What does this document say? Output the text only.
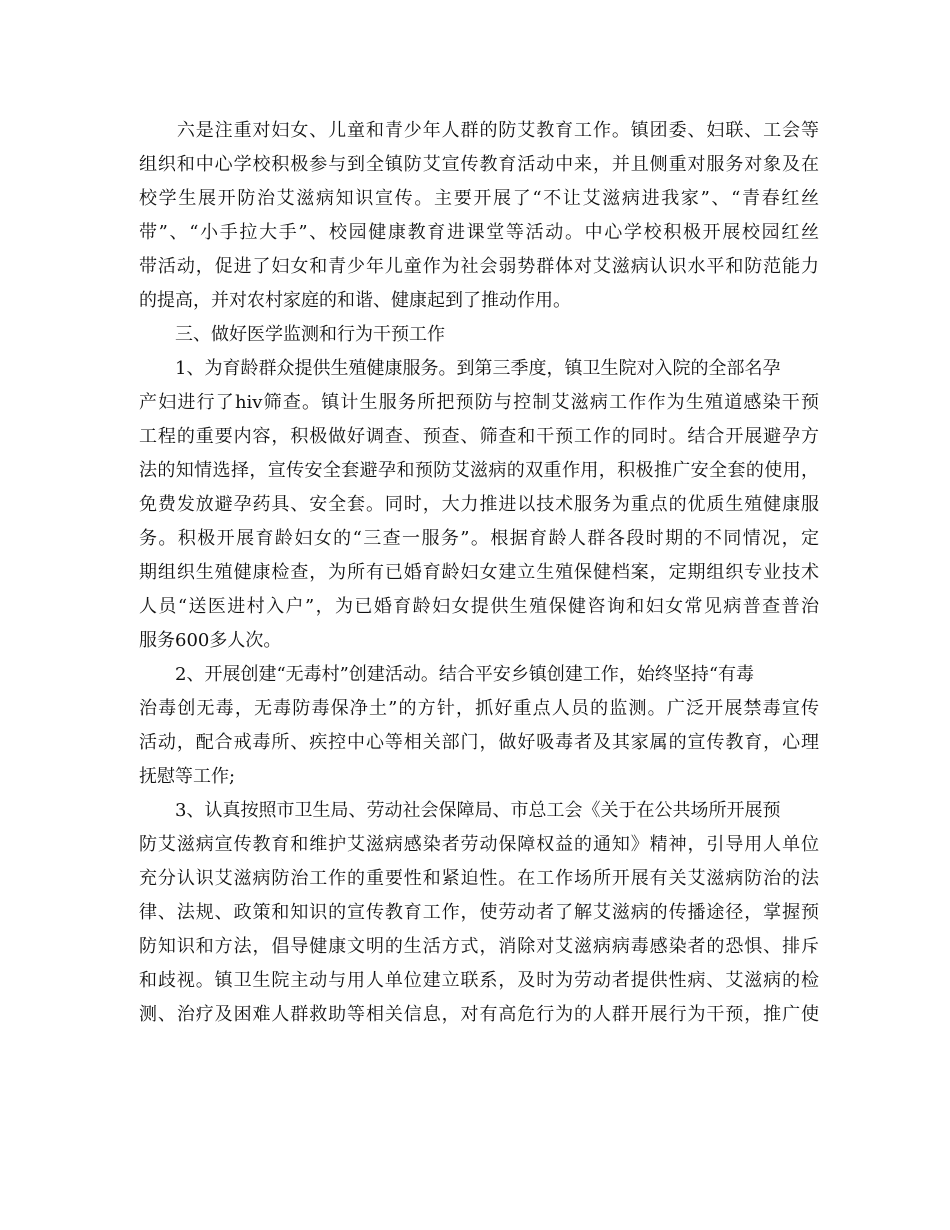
　　六是注重对妇女、儿童和青少年人群的防艾教育工作。镇团委、妇联、工会等
组织和中心学校积极参与到全镇防艾宣传教育活动中来，并且侧重对服务对象及在
校学生展开防治艾滋病知识宣传。主要开展了“不让艾滋病进我家”、“青春红丝
带”、“小手拉大手”、校园健康教育进课堂等活动。中心学校积极开展校园红丝
带活动，促进了妇女和青少年儿童作为社会弱势群体对艾滋病认识水平和防范能力
的提高，并对农村家庭的和谐、健康起到了推动作用。
　　三、做好医学监测和行为干预工作
　　1、为育龄群众提供生殖健康服务。到第三季度，镇卫生院对入院的全部名孕
产妇进行了hiv筛查。镇计生服务所把预防与控制艾滋病工作作为生殖道感染干预
工程的重要内容，积极做好调查、预查、筛查和干预工作的同时。结合开展避孕方
法的知情选择，宣传安全套避孕和预防艾滋病的双重作用，积极推广安全套的使用，
免费发放避孕药具、安全套。同时，大力推进以技术服务为重点的优质生殖健康服
务。积极开展育龄妇女的“三查一服务”。根据育龄人群各段时期的不同情况，定
期组织生殖健康检查，为所有已婚育龄妇女建立生殖保健档案，定期组织专业技术
人员“送医进村入户”，为已婚育龄妇女提供生殖保健咨询和妇女常见病普查普治
服务600多人次。
　　2、开展创建“无毒村”创建活动。结合平安乡镇创建工作，始终坚持“有毒
治毒创无毒，无毒防毒保净土”的方针，抓好重点人员的监测。广泛开展禁毒宣传
活动，配合戒毒所、疾控中心等相关部门，做好吸毒者及其家属的宣传教育，心理
抚慰等工作;
　　3、认真按照市卫生局、劳动社会保障局、市总工会《关于在公共场所开展预
防艾滋病宣传教育和维护艾滋病感染者劳动保障权益的通知》精神，引导用人单位
充分认识艾滋病防治工作的重要性和紧迫性。在工作场所开展有关艾滋病防治的法
律、法规、政策和知识的宣传教育工作，使劳动者了解艾滋病的传播途径，掌握预
防知识和方法，倡导健康文明的生活方式，消除对艾滋病病毒感染者的恐惧、排斥
和歧视。镇卫生院主动与用人单位建立联系，及时为劳动者提供性病、艾滋病的检
测、治疗及困难人群救助等相关信息，对有高危行为的人群开展行为干预，推广使
